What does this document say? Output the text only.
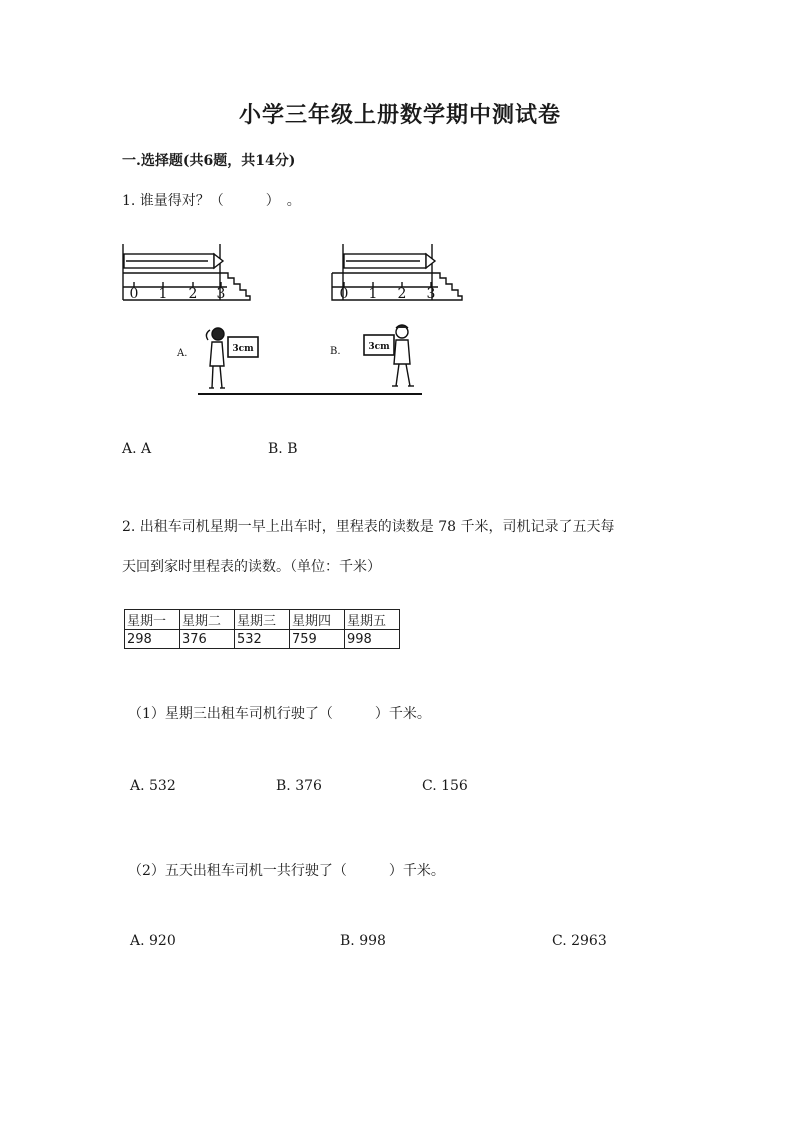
小学三年级上册数学期中测试卷
一.选择题(共6题，共14分)
1. 谁量得对？（　　　）　。
0 1 2 3	0 1 2 3
A.	B.
3cm	3cm
A. A	B. B
2. 出租车司机星期一早上出车时，里程表的读数是 78 千米，司机记录了五天每
天回到家时里程表的读数。（单位：千米）
星期一	星期二	星期三	星期四	星期五
298	376	532	759	998
（1）星期三出租车司机行驶了（　　　）千米。
A. 532	B. 376	C. 156
（2）五天出租车司机一共行驶了（　　　）千米。
A. 920	B. 998	C. 2963
